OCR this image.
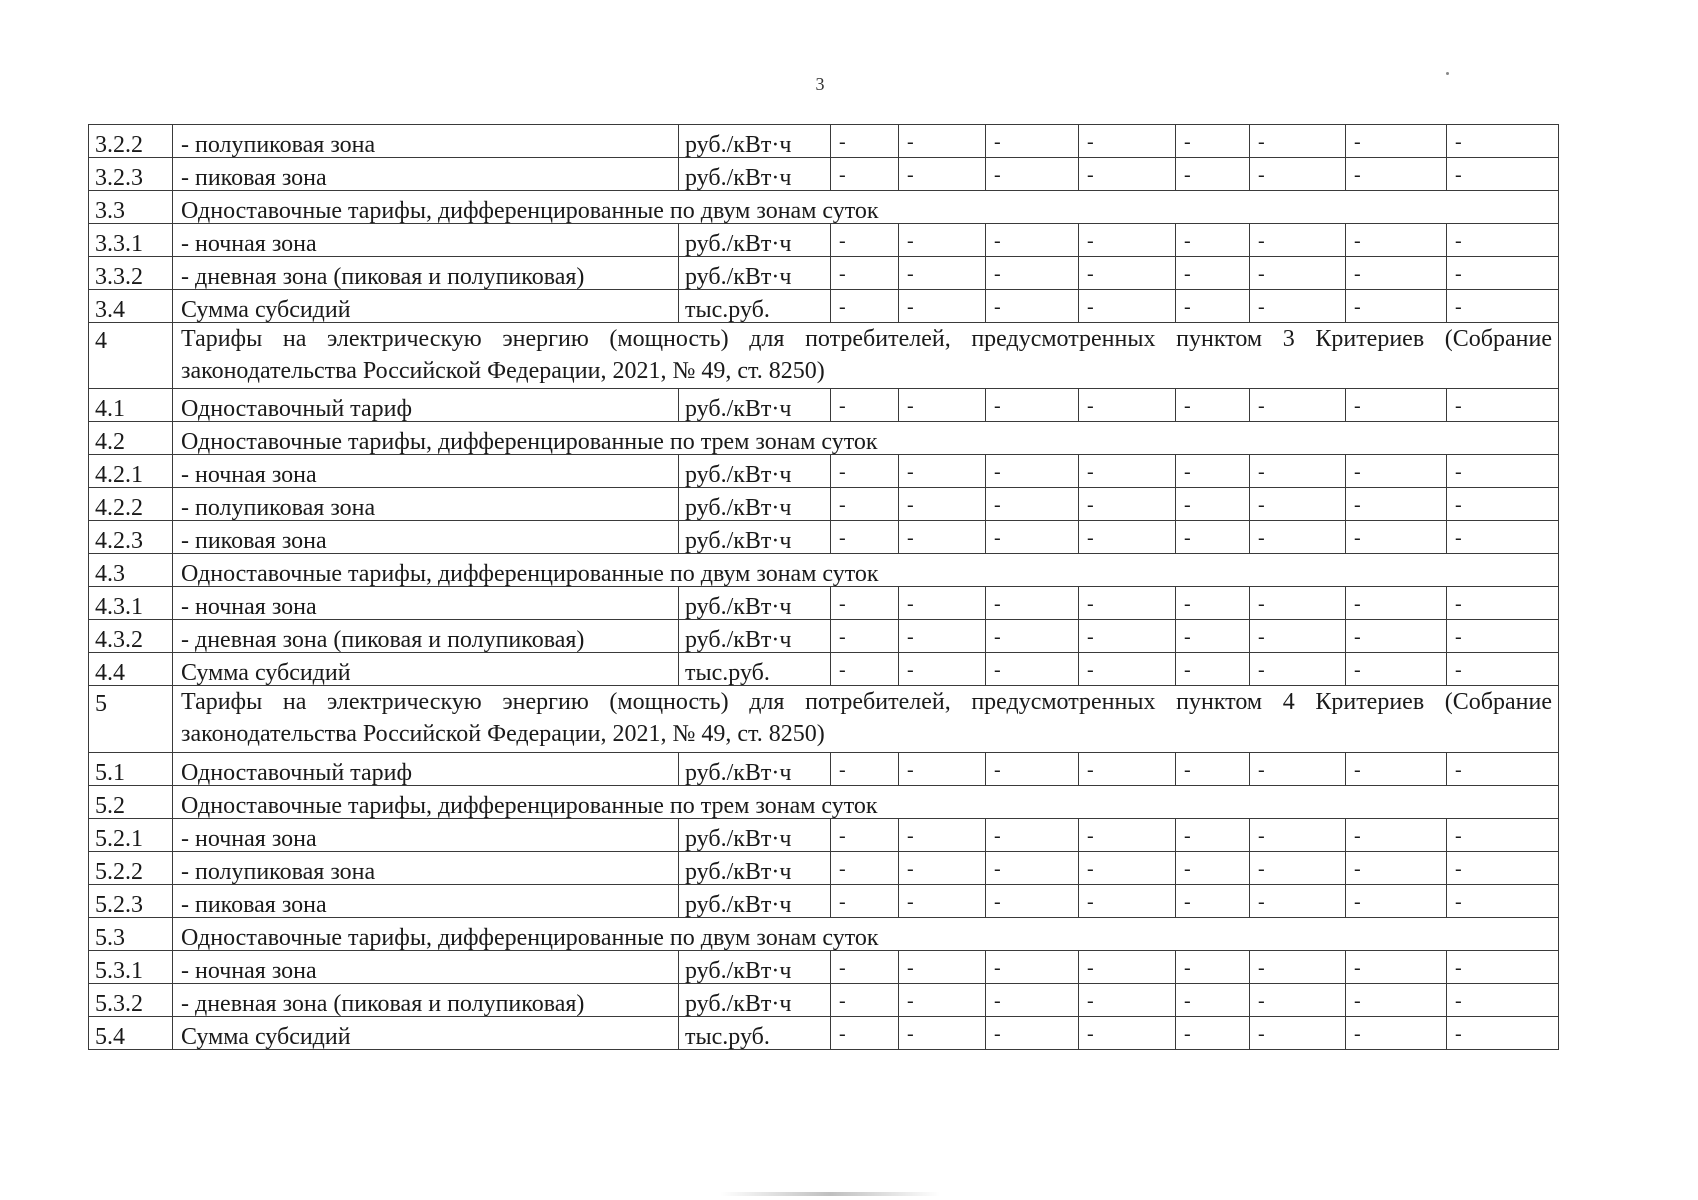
3
3.2.2	- полупиковая зона	руб./кВт·ч	-	-	-	-	-	-	-	-
3.2.3	- пиковая зона	руб./кВт·ч	-	-	-	-	-	-	-	-
3.3	Одноставочные тарифы, дифференцированные по двум зонам суток									
3.3.1	- ночная зона	руб./кВт·ч	-	-	-	-	-	-	-	-
3.3.2	- дневная зона (пиковая и полупиковая)	руб./кВт·ч	-	-	-	-	-	-	-	-
3.4	Сумма субсидий	тыс.руб.	-	-	-	-	-	-	-	-
4	Тарифы на электрическую энергию (мощность) для потребителей, предусмотренных пунктом 3 Критериев (Собрание законодательства Российской Федерации, 2021, № 49, ст. 8250)									
4.1	Одноставочный тариф	руб./кВт·ч	-	-	-	-	-	-	-	-
4.2	Одноставочные тарифы, дифференцированные по трем зонам суток									
4.2.1	- ночная зона	руб./кВт·ч	-	-	-	-	-	-	-	-
4.2.2	- полупиковая зона	руб./кВт·ч	-	-	-	-	-	-	-	-
4.2.3	- пиковая зона	руб./кВт·ч	-	-	-	-	-	-	-	-
4.3	Одноставочные тарифы, дифференцированные по двум зонам суток									
4.3.1	- ночная зона	руб./кВт·ч	-	-	-	-	-	-	-	-
4.3.2	- дневная зона (пиковая и полупиковая)	руб./кВт·ч	-	-	-	-	-	-	-	-
4.4	Сумма субсидий	тыс.руб.	-	-	-	-	-	-	-	-
5	Тарифы на электрическую энергию (мощность) для потребителей, предусмотренных пунктом 4 Критериев (Собрание законодательства Российской Федерации, 2021, № 49, ст. 8250)									
5.1	Одноставочный тариф	руб./кВт·ч	-	-	-	-	-	-	-	-
5.2	Одноставочные тарифы, дифференцированные по трем зонам суток									
5.2.1	- ночная зона	руб./кВт·ч	-	-	-	-	-	-	-	-
5.2.2	- полупиковая зона	руб./кВт·ч	-	-	-	-	-	-	-	-
5.2.3	- пиковая зона	руб./кВт·ч	-	-	-	-	-	-	-	-
5.3	Одноставочные тарифы, дифференцированные по двум зонам суток									
5.3.1	- ночная зона	руб./кВт·ч	-	-	-	-	-	-	-	-
5.3.2	- дневная зона (пиковая и полупиковая)	руб./кВт·ч	-	-	-	-	-	-	-	-
5.4	Сумма субсидий	тыс.руб.	-	-	-	-	-	-	-	-
